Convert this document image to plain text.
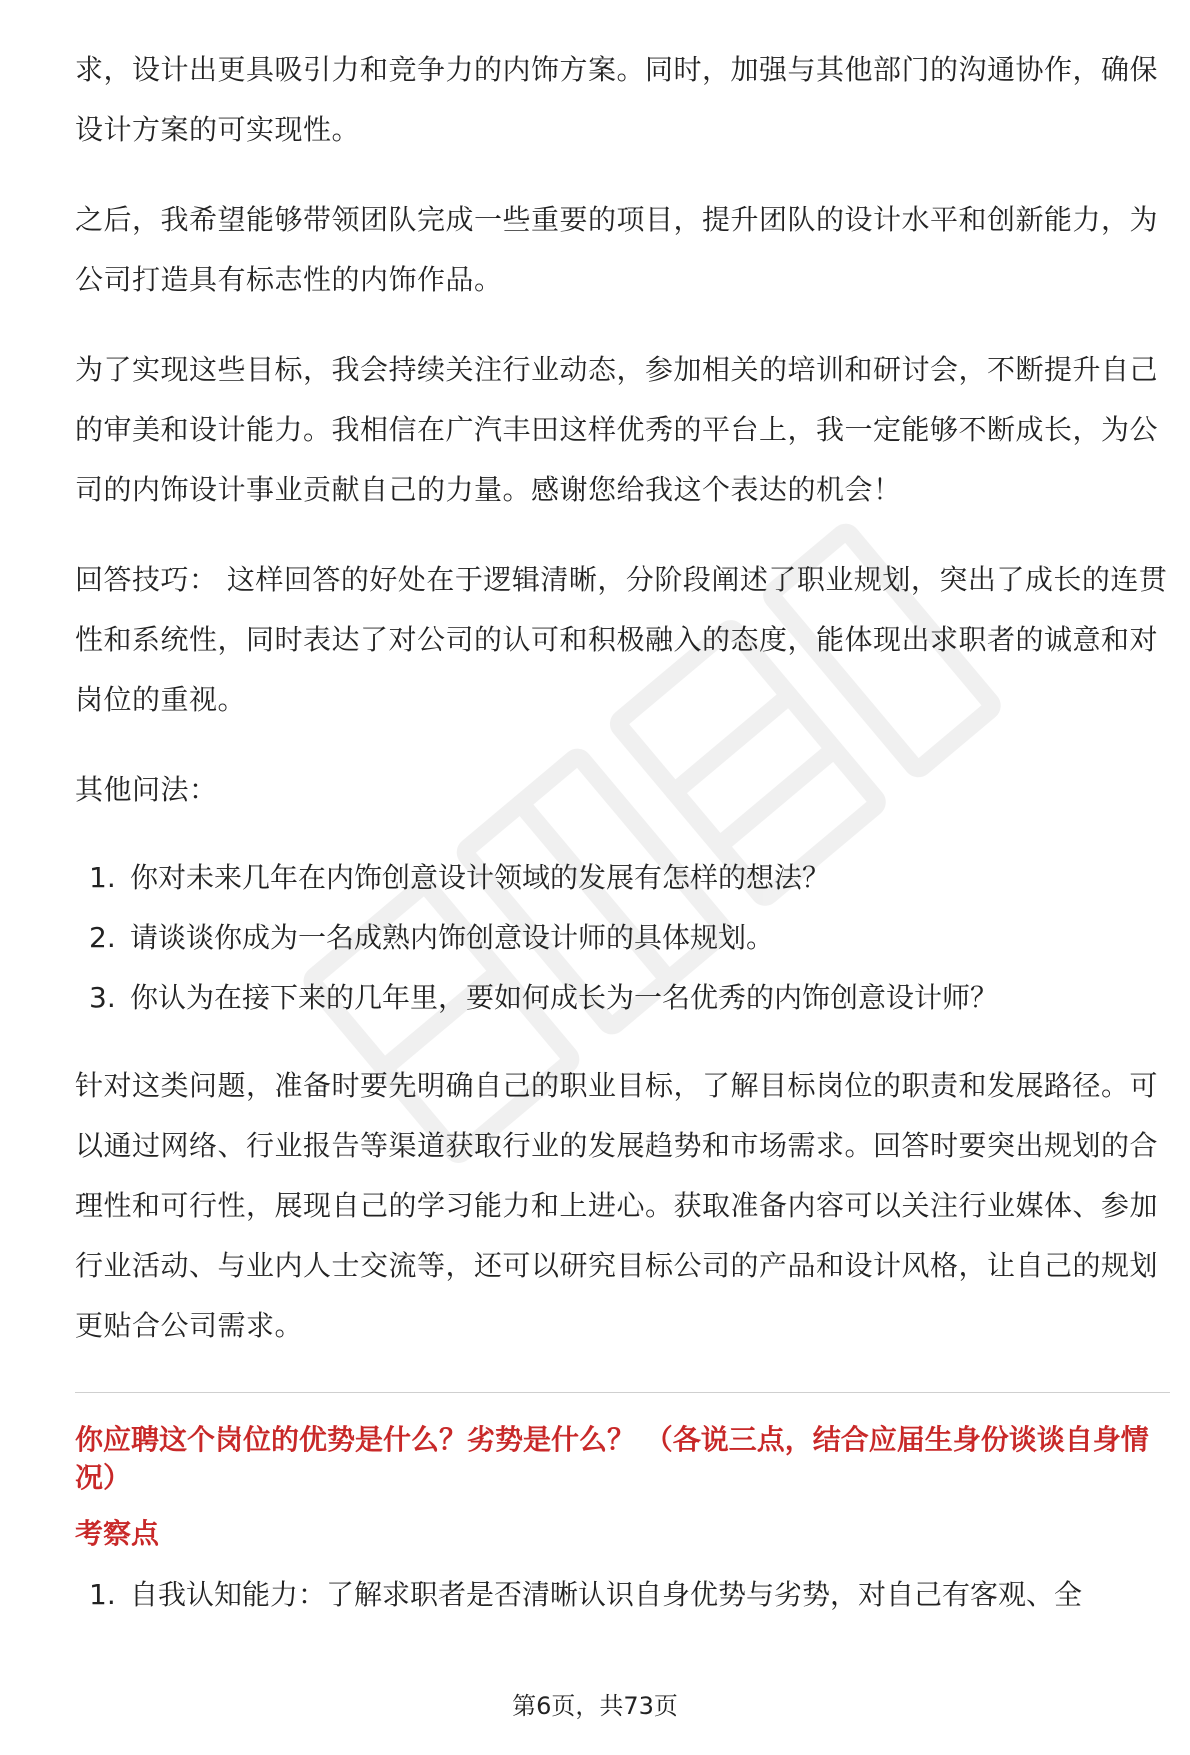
求，设计出更具吸引力和竞争力的内饰方案。同时，加强与其他部门的沟通协作，确保设计方案的可实现性。

之后，我希望能够带领团队完成一些重要的项目，提升团队的设计水平和创新能力，为公司打造具有标志性的内饰作品。

为了实现这些目标，我会持续关注行业动态，参加相关的培训和研讨会，不断提升自己的审美和设计能力。我相信在广汽丰田这样优秀的平台上，我一定能够不断成长，为公司的内饰设计事业贡献自己的力量。感谢您给我这个表达的机会！

回答技巧： 这样回答的好处在于逻辑清晰，分阶段阐述了职业规划，突出了成长的连贯性和系统性，同时表达了对公司的认可和积极融入的态度，能体现出求职者的诚意和对岗位的重视。

其他问法：

1. 你对未来几年在内饰创意设计领域的发展有怎样的想法？
2. 请谈谈你成为一名成熟内饰创意设计师的具体规划。
3. 你认为在接下来的几年里，要如何成长为一名优秀的内饰创意设计师？

针对这类问题，准备时要先明确自己的职业目标，了解目标岗位的职责和发展路径。可以通过网络、行业报告等渠道获取行业的发展趋势和市场需求。回答时要突出规划的合理性和可行性，展现自己的学习能力和上进心。获取准备内容可以关注行业媒体、参加行业活动、与业内人士交流等，还可以研究目标公司的产品和设计风格，让自己的规划更贴合公司需求。

你应聘这个岗位的优势是什么？劣势是什么？ （各说三点，结合应届生身份谈谈自身情况）

考察点

1. 自我认知能力：了解求职者是否清晰认识自身优势与劣势，对自己有客观、全
第6页，共73页
